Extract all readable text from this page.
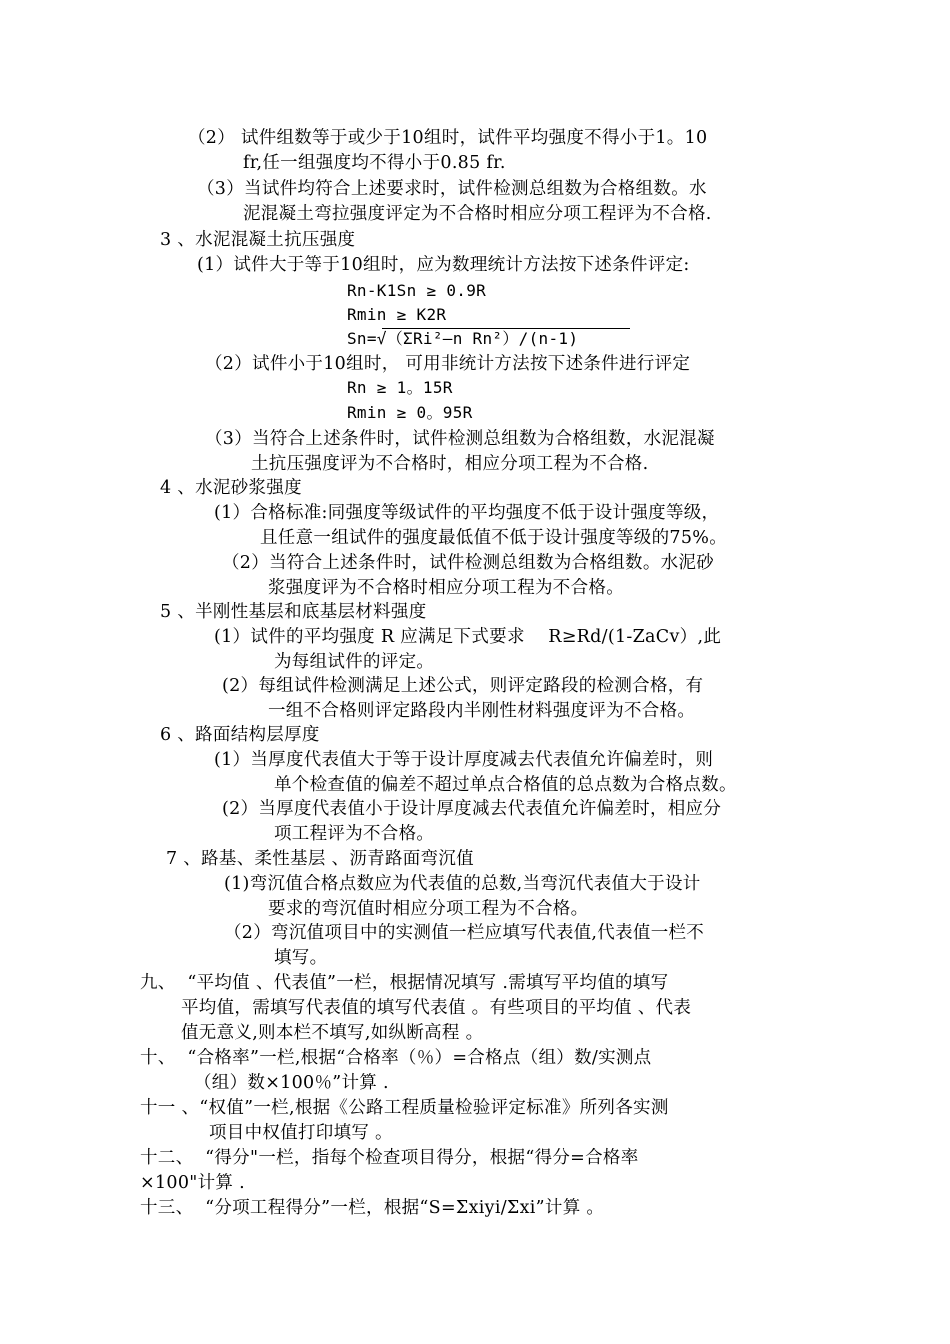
（2） 试件组数等于或少于10组时，试件平均强度不得小于1。10
fr,任一组强度均不得小于0.85 fr.
（3）当试件均符合上述要求时，试件检测总组数为合格组数。水
泥混凝土弯拉强度评定为不合格时相应分项工程评为不合格.
3 、水泥混凝土抗压强度
(1）试件大于等于10组时，应为数理统计方法按下述条件评定:
Rn-K1Sn ≥ 0.9R
Rmin ≥ K2R
Sn=√（ΣRi²—n Rn²）/(n-1)
（2）试件小于10组时， 可用非统计方法按下述条件进行评定
Rn ≥ 1。15R
Rmin ≥ 0。95R
（3）当符合上述条件时，试件检测总组数为合格组数，水泥混凝
土抗压强度评为不合格时，相应分项工程为不合格.
4 、水泥砂浆强度
(1）合格标准:同强度等级试件的平均强度不低于设计强度等级，
且任意一组试件的强度最低值不低于设计强度等级的75%。
（2）当符合上述条件时，试件检测总组数为合格组数。水泥砂
浆强度评为不合格时相应分项工程为不合格。
5 、半刚性基层和底基层材料强度
(1）试件的平均强度 R 应满足下式要求    R≥Rd/(1-ZaCv）,此
为每组试件的评定。
(2）每组试件检测满足上述公式，则评定路段的检测合格，有
一组不合格则评定路段内半刚性材料强度评为不合格。
6 、路面结构层厚度
(1）当厚度代表值大于等于设计厚度减去代表值允许偏差时，则
单个检查值的偏差不超过单点合格值的总点数为合格点数。
(2）当厚度代表值小于设计厚度减去代表值允许偏差时，相应分
项工程评为不合格。
7 、路基、柔性基层 、沥青路面弯沉值
(1)弯沉值合格点数应为代表值的总数,当弯沉代表值大于设计
要求的弯沉值时相应分项工程为不合格。
（2）弯沉值项目中的实测值一栏应填写代表值,代表值一栏不
填写。
九、  “平均值 、代表值”一栏，根据情况填写 .需填写平均值的填写
平均值，需填写代表值的填写代表值 。有些项目的平均值 、代表
值无意义,则本栏不填写,如纵断高程 。
十、  “合格率”一栏,根据“合格率（％）=合格点（组）数/实测点
（组）数×100％”计算 .
十一 、“权值”一栏,根据《公路工程质量检验评定标准》所列各实测
项目中权值打印填写 。
十二、  “得分"一栏，指每个检查项目得分，根据“得分=合格率
×100"计算 .
十三、  “分项工程得分”一栏，根据“S=Σxiyi/Σxi”计算 。
